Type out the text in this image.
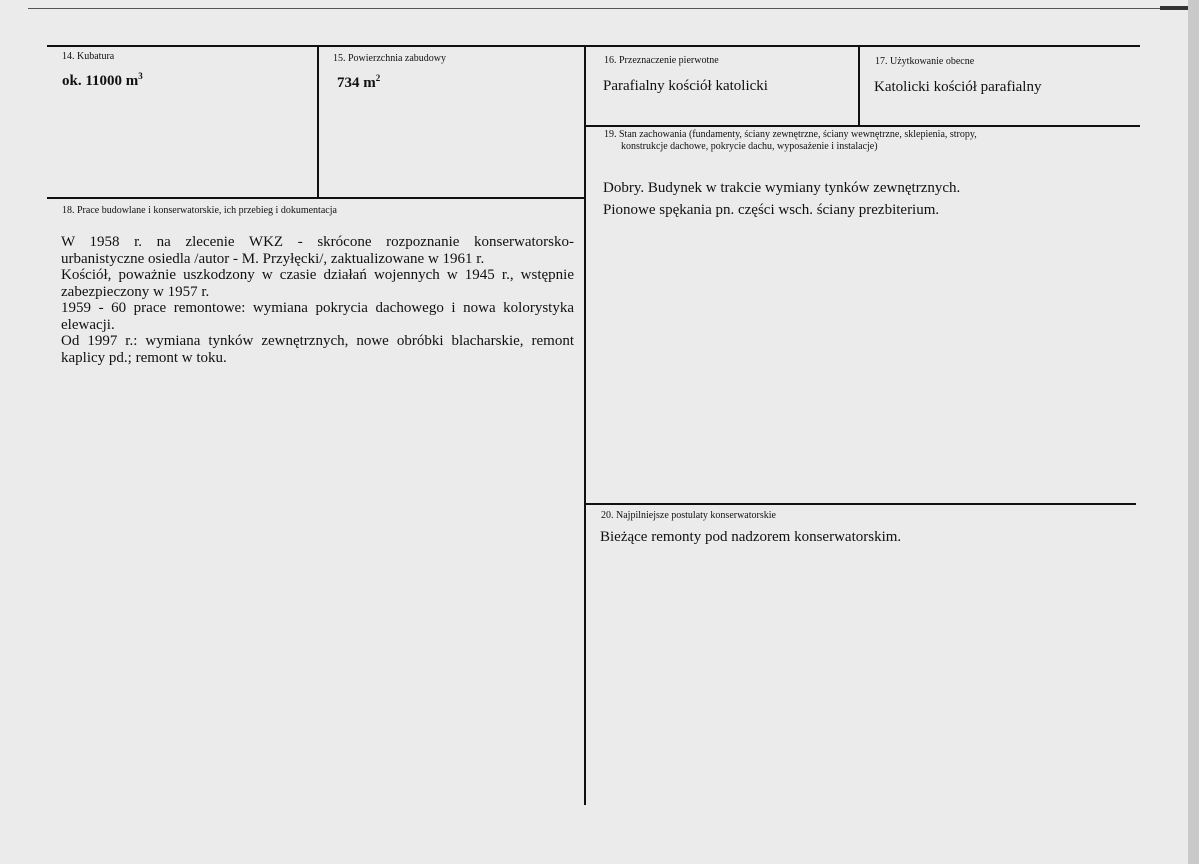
14. Kubatura
ok. 11000 $m^3$
15. Powierzchnia zabudowy
734 $m^2$
16. Przeznaczenie pierwotne
Parafialny kościół katolicki
17. Użytkowanie obecne
Katolicki kościół parafialny
19. Stan zachowania (fundamenty, ściany zewnętrzne, ściany wewnętrzne, sklepienia, stropy,
konstrukcje dachowe, pokrycie dachu, wyposażenie i instalacje)

Dobry. Budynek w trakcie wymiany tynków zewnętrznych.

Pionowe spękania pn. części wsch. ściany prezbiterium.

18. Prace budowlane i konserwatorskie, ich przebieg i dokumentacja

W 1958 r. na zlecenie WKZ - skrócone rozpoznanie konserwatorsko-

urbanistyczne osiedla /autor - M. Przyłęcki/, zaktualizowane w 1961 r.

Kościół, poważnie uszkodzony w czasie działań wojennych w 1945 r., wstępnie

zabezpieczony w 1957 r.

1959 - 60 prace remontowe: wymiana pokrycia dachowego i nowa kolorystyka

elewacji.

Od 1997 r.: wymiana tynków zewnętrznych, nowe obróbki blacharskie, remont

kaplicy pd.; remont w toku.

20. Najpilniejsze postulaty konserwatorskie
Bieżące remonty pod nadzorem konserwatorskim.
